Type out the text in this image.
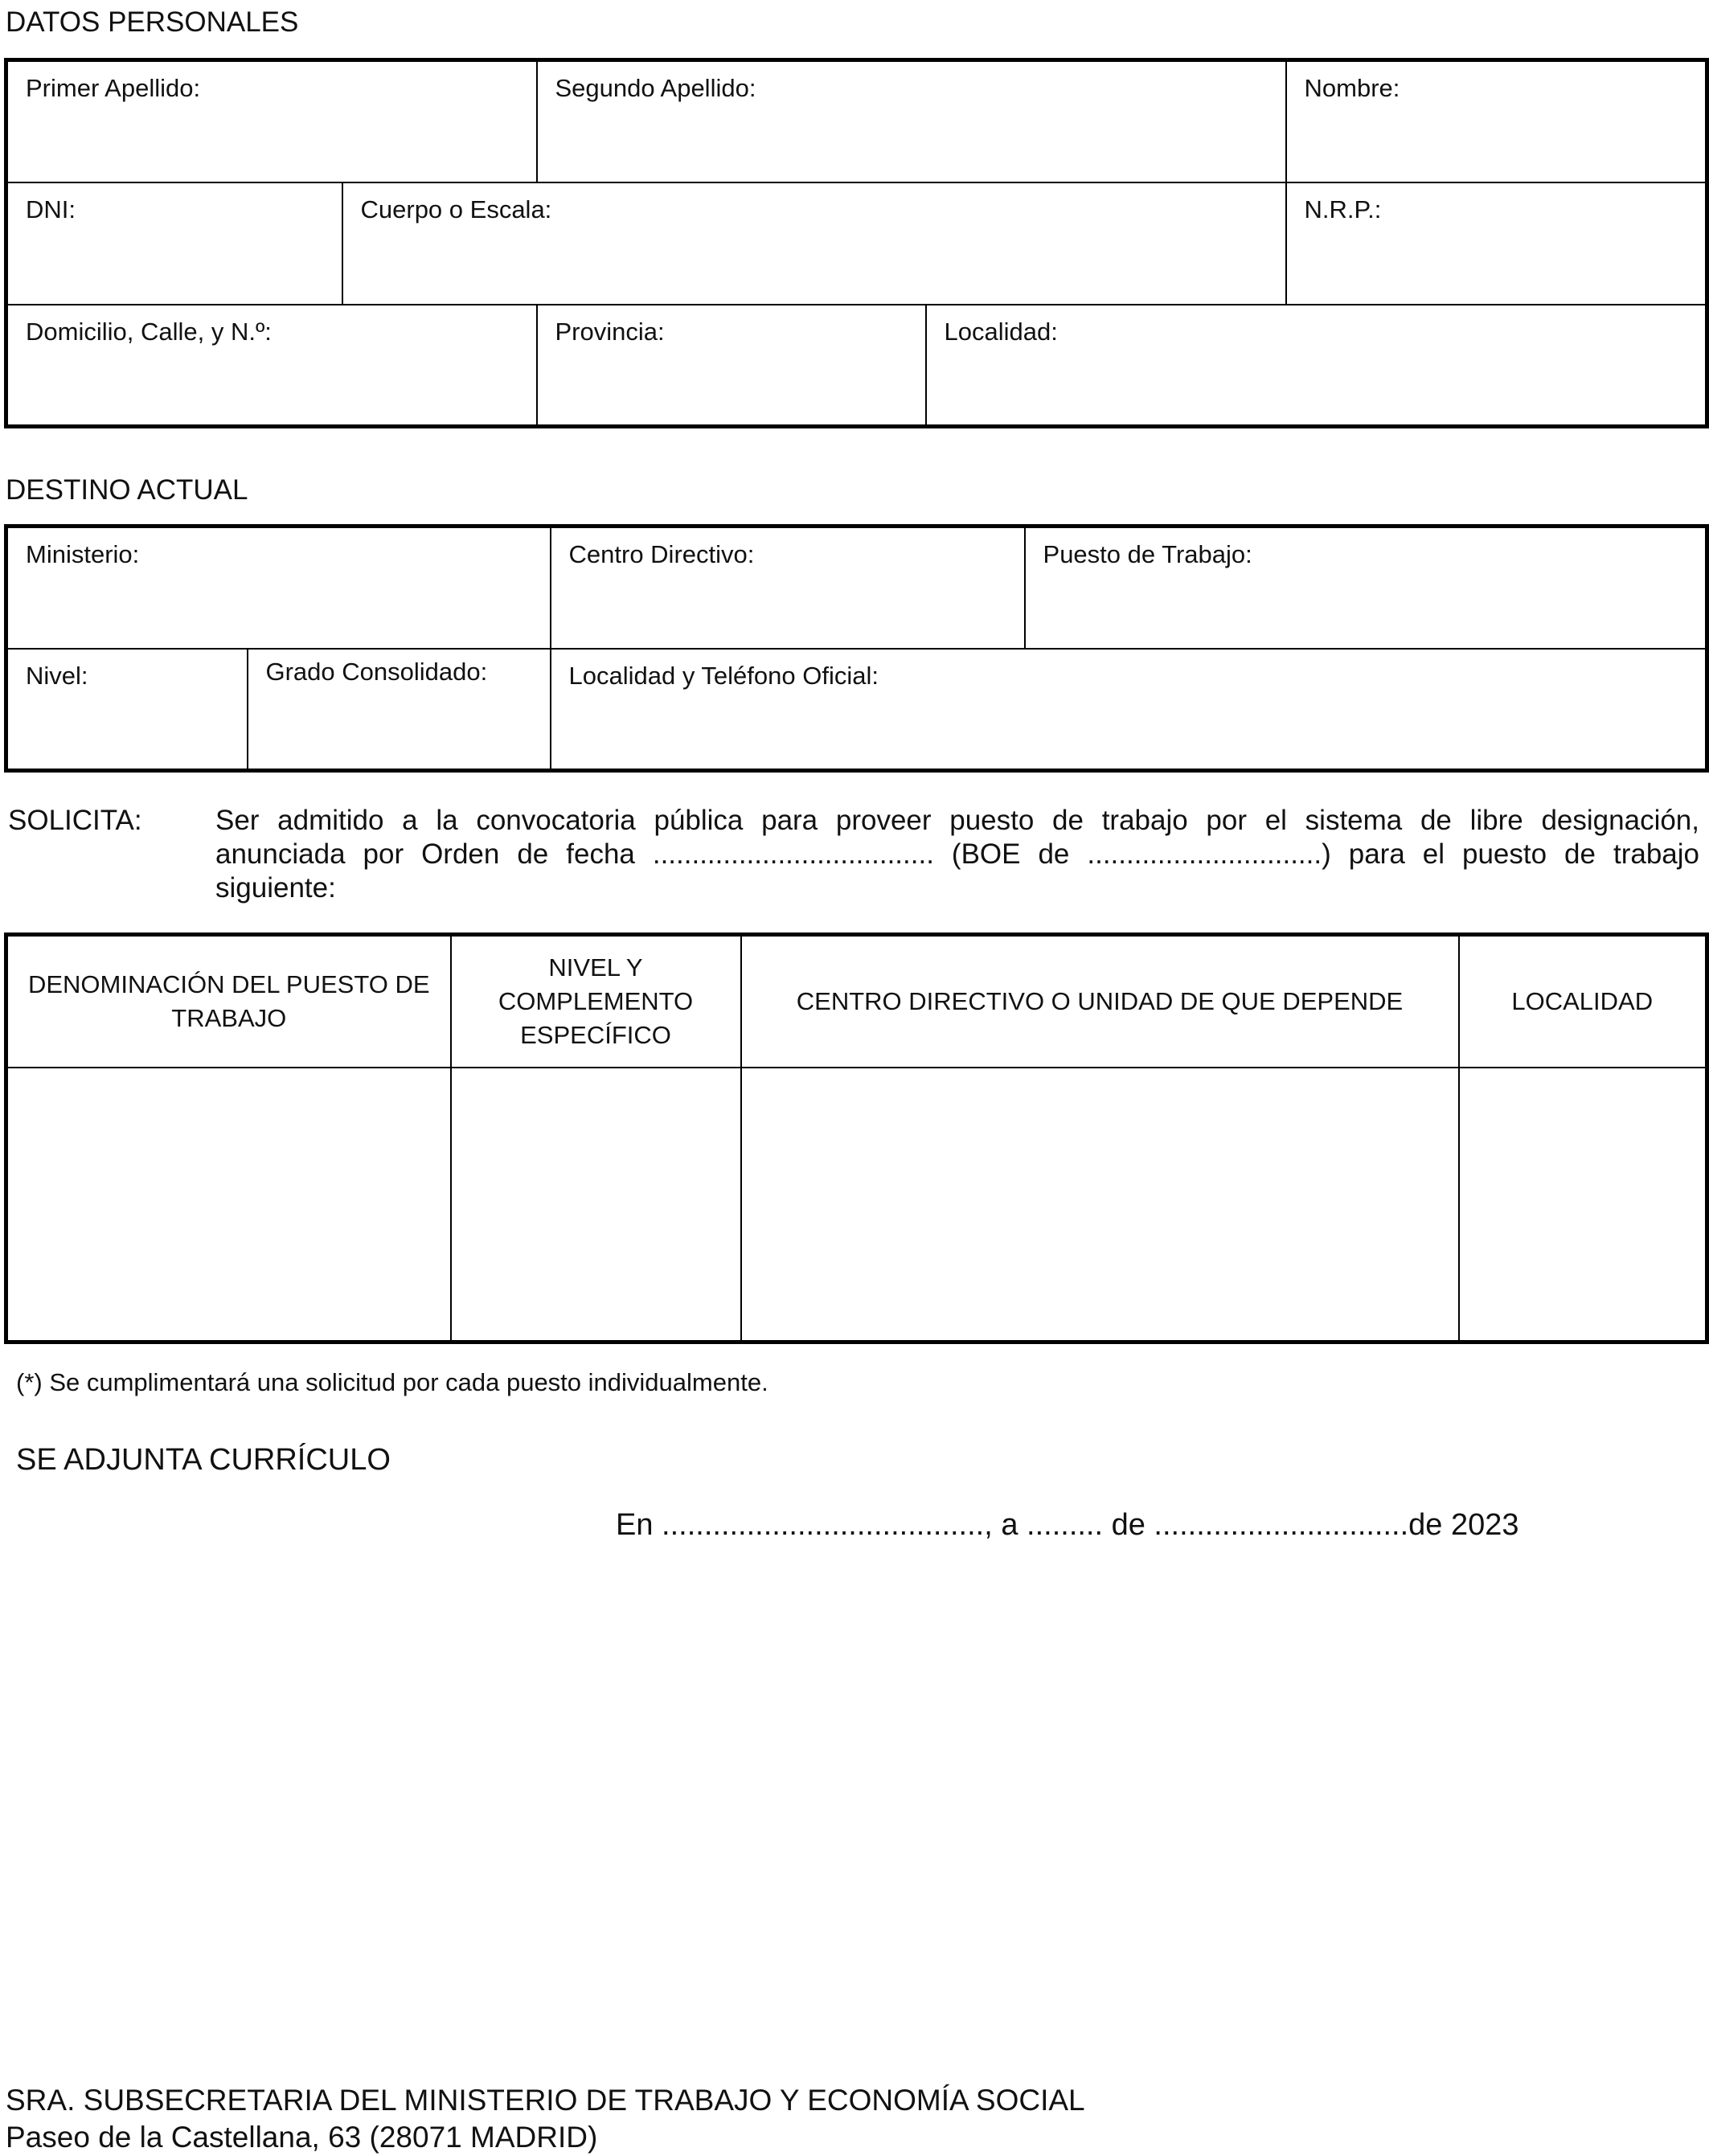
DATOS PERSONALES
Primer Apellido:		Segundo Apellido:		Nombre:	

DNI:	Cuerpo o Escala:			N.R.P.:	

Domicilio, Calle, y N.º:		Provincia:	Localidad:

DESTINO ACTUAL
Ministerio:		Centro Directivo:	Puesto de Trabajo:

Nivel:	Grado Consolidado:	Localidad y Teléfono Oficial:	
SOLICITA:	Ser admitido a la convocatoria pública para proveer puesto de trabajo por el sistema de libre designación,
anunciada por Orden de fecha .................................... (BOE de ..............................) para el puesto de trabajo
siguiente:
DENOMINACIÓN DEL PUESTO DE TRABAJO	NIVEL Y COMPLEMENTO ESPECÍFICO	CENTRO DIRECTIVO O UNIDAD DE QUE DEPENDE	LOCALIDAD

(*) Se cumplimentará una solicitud por cada puesto individualmente.
SE ADJUNTA CURRÍCULO
En ......................................, a ......... de ..............................de 2023
SRA. SUBSECRETARIA DEL MINISTERIO DE TRABAJO Y ECONOMÍA SOCIAL
Paseo de la Castellana, 63 (28071 MADRID)
